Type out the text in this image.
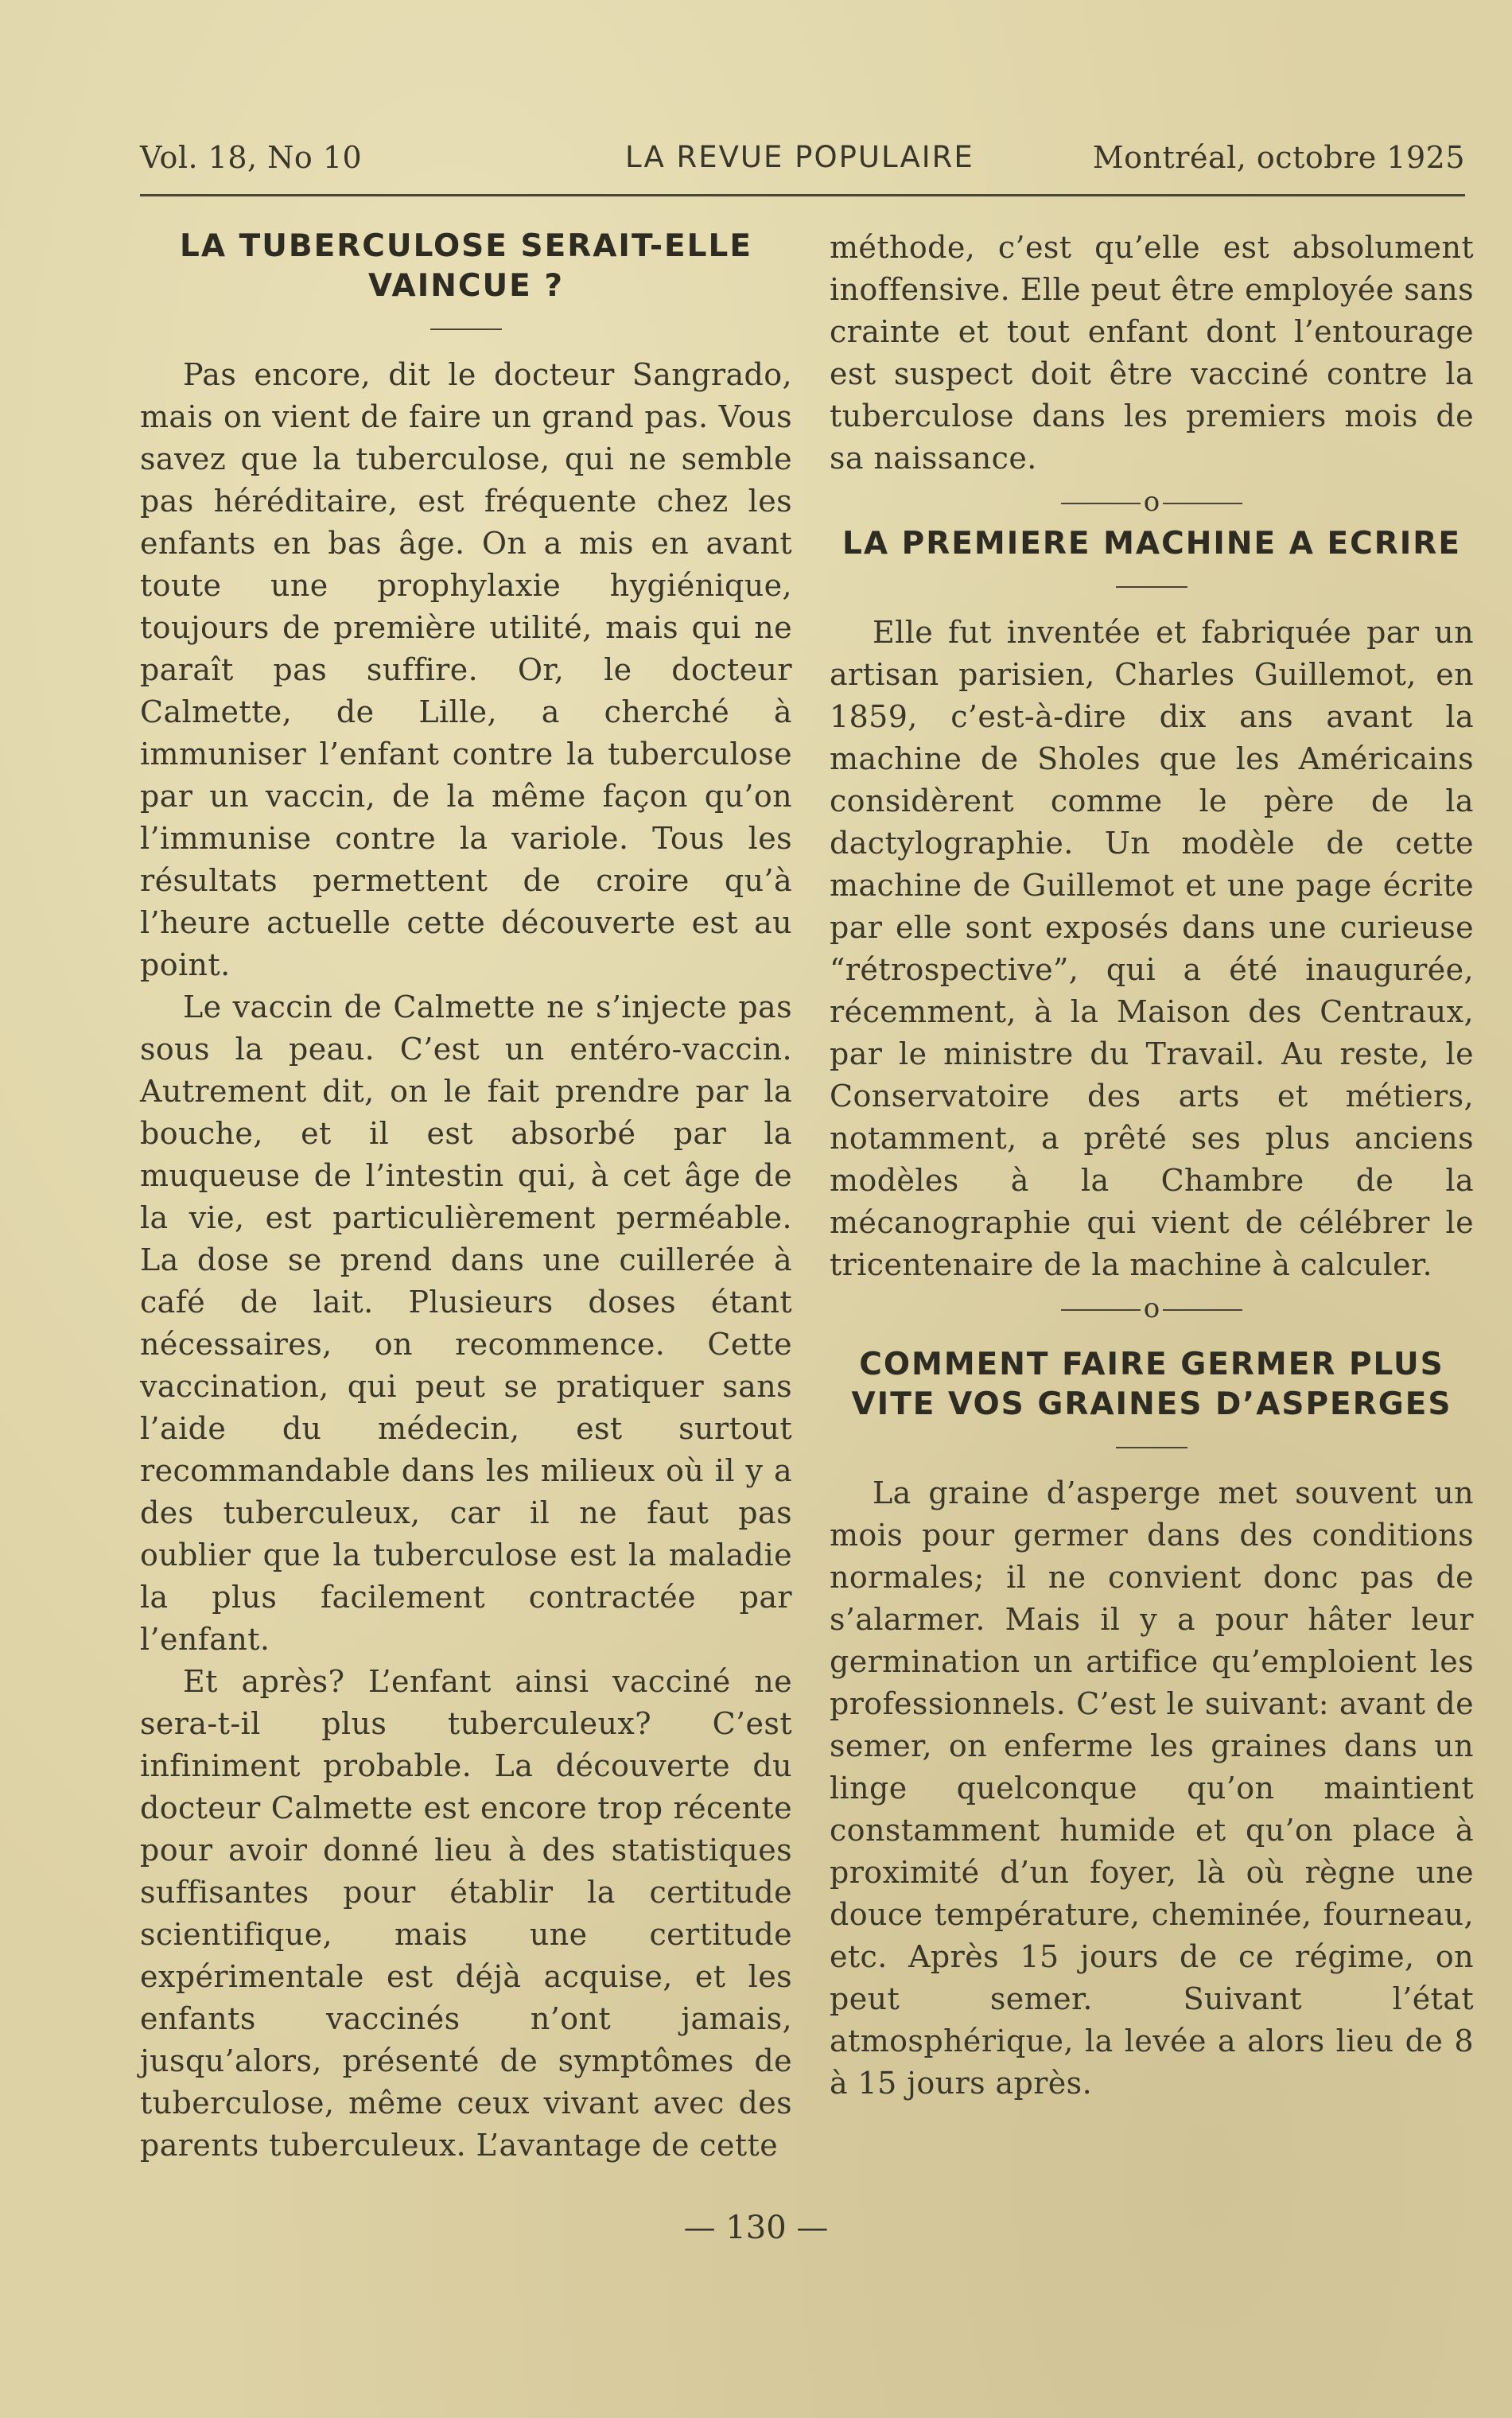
Vol. 18, No 10	LA REVUE POPULAIRE	Montréal, octobre 1925
LA TUBERCULOSE SERAIT-ELLE VAINCUE ?

Pas encore, dit le docteur Sangrado, mais on vient de faire un grand pas. Vous savez que la tuberculose, qui ne semble pas héréditaire, est fréquente chez les enfants en bas âge. On a mis en avant toute une prophylaxie hygiénique, toujours de première utilité, mais qui ne paraît pas suffire. Or, le docteur Calmette, de Lille, a cherché à immuniser l’enfant contre la tuberculose par un vaccin, de la même façon qu’on l’immunise contre la variole. Tous les résultats permettent de croire qu’à l’heure actuelle cette découverte est au point.

Le vaccin de Calmette ne s’injecte pas sous la peau. C’est un entéro-vaccin. Autrement dit, on le fait prendre par la bouche, et il est absorbé par la muqueuse de l’intestin qui, à cet âge de la vie, est particulièrement perméable. La dose se prend dans une cuillerée à café de lait. Plusieurs doses étant nécessaires, on recommence. Cette vaccination, qui peut se pratiquer sans l’aide du médecin, est surtout recommandable dans les milieux où il y a des tuberculeux, car il ne faut pas oublier que la tuberculose est la maladie la plus facilement contractée par l’enfant.

Et après? L’enfant ainsi vacciné ne sera-t-il plus tuberculeux? C’est infiniment probable. La découverte du docteur Calmette est encore trop récente pour avoir donné lieu à des statistiques suffisantes pour établir la certitude scientifique, mais une certitude expérimentale est déjà acquise, et les enfants vaccinés n’ont jamais, jusqu’alors, présenté de symptômes de tuberculose, même ceux vivant avec des parents tuberculeux. L’avantage de cette

méthode, c’est qu’elle est absolument inoffensive. Elle peut être employée sans crainte et tout enfant dont l’entourage est suspect doit être vacciné contre la tuberculose dans les premiers mois de sa naissance.

o
LA PREMIERE MACHINE A ECRIRE

Elle fut inventée et fabriquée par un artisan parisien, Charles Guillemot, en 1859, c’est-à-dire dix ans avant la machine de Sholes que les Américains considèrent comme le père de la dactylographie. Un modèle de cette machine de Guillemot et une page écrite par elle sont exposés dans une curieuse “rétrospective”, qui a été inaugurée, récemment, à la Maison des Centraux, par le ministre du Travail. Au reste, le Conservatoire des arts et métiers, notamment, a prêté ses plus anciens modèles à la Chambre de la mécanographie qui vient de célébrer le tricentenaire de la machine à calculer.

o
COMMENT FAIRE GERMER PLUS VITE VOS GRAINES D’ASPERGES

La graine d’asperge met souvent un mois pour germer dans des conditions normales; il ne convient donc pas de s’alarmer. Mais il y a pour hâter leur germination un artifice qu’emploient les professionnels. C’est le suivant: avant de semer, on enferme les graines dans un linge quelconque qu’on maintient constamment humide et qu’on place à proximité d’un foyer, là où règne une douce température, cheminée, fourneau, etc. Après 15 jours de ce régime, on peut semer. Suivant l’état atmosphérique, la levée a alors lieu de 8 à 15 jours après.

— 130 —
